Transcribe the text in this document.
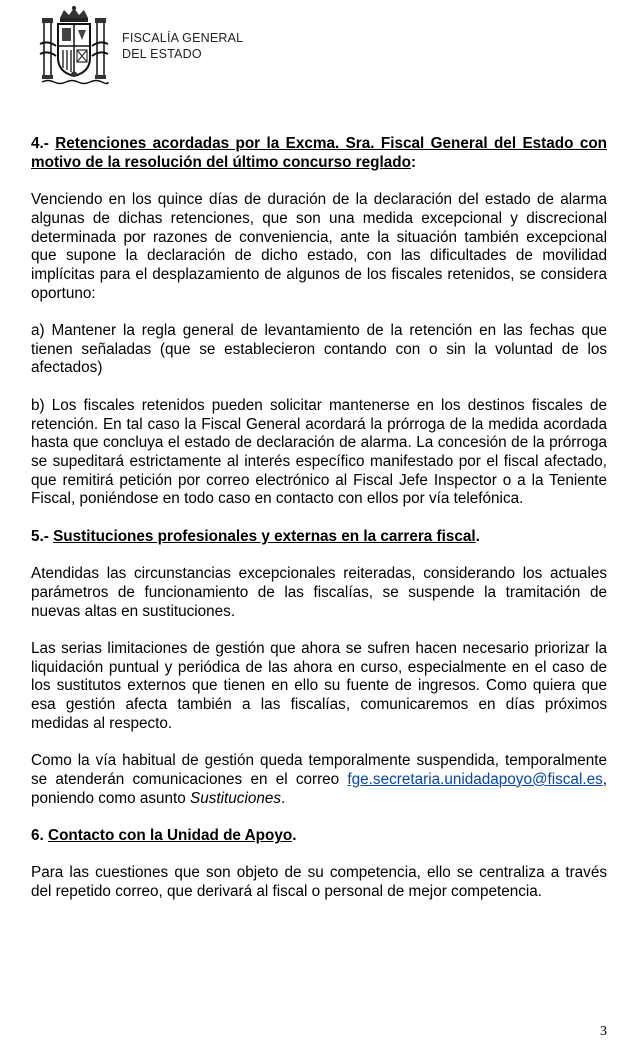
FISCALÍA GENERAL
DEL ESTADO

4.- Retenciones acordadas por la Excma. Sra. Fiscal General del Estado con motivo de la resolución del último concurso reglado:

Venciendo en los quince días de duración de la declaración del estado de alarma algunas de dichas retenciones, que son una medida excepcional y discrecional determinada por razones de conveniencia, ante la situación también excepcional que supone la declaración de dicho estado, con las dificultades de movilidad implícitas para el desplazamiento de algunos de los fiscales retenidos, se considera oportuno:

a) Mantener la regla general de levantamiento de la retención en las fechas que tienen señaladas (que se establecieron contando con o sin la voluntad de los afectados)

b) Los fiscales retenidos pueden solicitar mantenerse en los destinos fiscales de retención. En tal caso la Fiscal General acordará la prórroga de la medida acordada hasta que concluya el estado de declaración de alarma. La concesión de la prórroga se supeditará estrictamente al interés específico manifestado por el fiscal afectado, que remitirá petición por correo electrónico al Fiscal Jefe Inspector o a la Teniente Fiscal, poniéndose en todo caso en contacto con ellos por vía telefónica.

5.- Sustituciones profesionales y externas en la carrera fiscal.

Atendidas las circunstancias excepcionales reiteradas, considerando los actuales parámetros de funcionamiento de las fiscalías, se suspende la tramitación de nuevas altas en sustituciones.

Las serias limitaciones de gestión que ahora se sufren hacen necesario priorizar la liquidación puntual y periódica de las ahora en curso, especialmente en el caso de los sustitutos externos que tienen en ello su fuente de ingresos. Como quiera que esa gestión afecta también a las fiscalías, comunicaremos en días próximos medidas al respecto.

Como la vía habitual de gestión queda temporalmente suspendida, temporalmente se atenderán comunicaciones en el correo fge.secretaria.unidadapoyo@fiscal.es, poniendo como asunto Sustituciones.

6. Contacto con la Unidad de Apoyo.

Para las cuestiones que son objeto de su competencia, ello se centraliza a través del repetido correo, que derivará al fiscal o personal de mejor competencia.

3
